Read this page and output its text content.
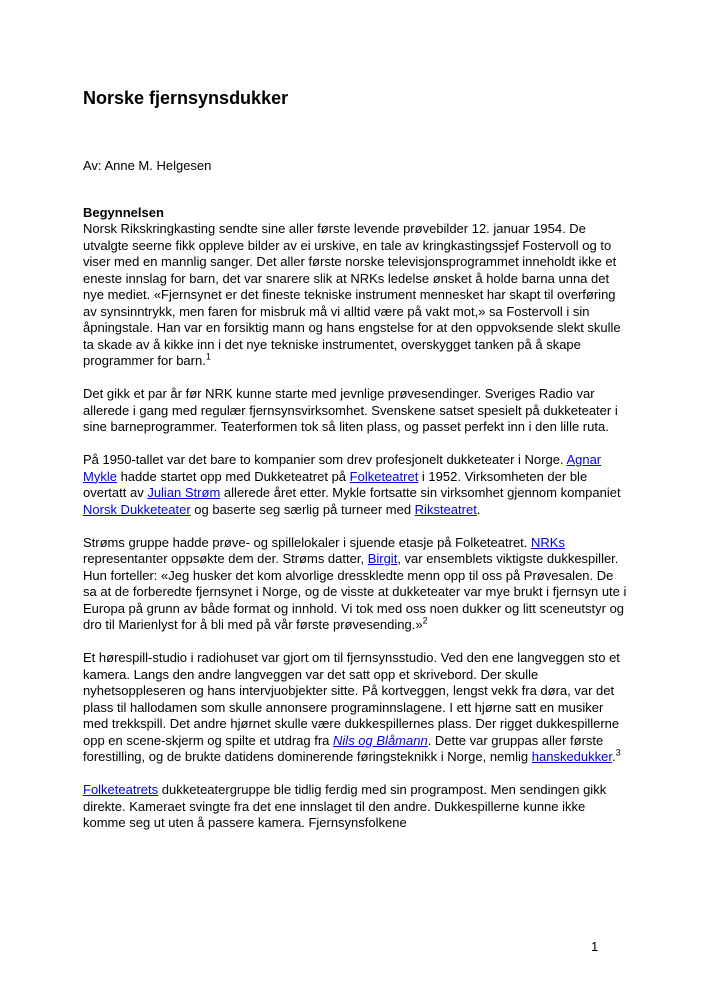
Norske fjernsynsdukker

Av: Anne M. Helgesen

Begynnelsen

Norsk Rikskringkasting sendte sine aller første levende prøvebilder 12. januar 1954. De utvalgte seerne fikk oppleve bilder av ei urskive, en tale av kringkastingssjef Fostervoll og to viser med en mannlig sanger. Det aller første norske televisjonsprogrammet inneholdt ikke et eneste innslag for barn, det var snarere slik at NRKs ledelse ønsket å holde barna unna det nye mediet. «Fjernsynet er det fineste tekniske instrument mennesket har skapt til overføring av synsinntrykk, men faren for misbruk må vi alltid være på vakt mot,» sa Fostervoll i sin åpningstale. Han var en forsiktig mann og hans engstelse for at den oppvoksende slekt skulle ta skade av å kikke inn i det nye tekniske instrumentet, overskygget tanken på å skape programmer for barn.$^1$

Det gikk et par år før NRK kunne starte med jevnlige prøvesendinger. Sveriges Radio var allerede i gang med regulær fjernsynsvirksomhet. Svenskene satset spesielt på dukketeater i sine barneprogrammer. Teaterformen tok så liten plass, og passet perfekt inn i den lille ruta.

På 1950-tallet var det bare to kompanier som drev profesjonelt dukketeater i Norge. Agnar Mykle hadde startet opp med Dukketeatret på Folketeatret i 1952. Virksomheten der ble overtatt av Julian Strøm allerede året etter. Mykle fortsatte sin virksomhet gjennom kompaniet Norsk Dukketeater og baserte seg særlig på turneer med Riksteatret.

Strøms gruppe hadde prøve- og spillelokaler i sjuende etasje på Folketeatret. NRKs representanter oppsøkte dem der. Strøms datter, Birgit, var ensemblets viktigste dukkespiller. Hun forteller: «Jeg husker det kom alvorlige dresskledte menn opp til oss på Prøvesalen. De sa at de forberedte fjernsynet i Norge, og de visste at dukketeater var mye brukt i fjernsyn ute i Europa på grunn av både format og innhold. Vi tok med oss noen dukker og litt sceneutstyr og dro til Marienlyst for å bli med på vår første prøvesending.»$^2$

Et hørespill-studio i radiohuset var gjort om til fjernsynsstudio. Ved den ene langveggen sto et kamera. Langs den andre langveggen var det satt opp et skrivebord. Der skulle nyhetsoppleseren og hans intervjuobjekter sitte. På kortveggen, lengst vekk fra døra, var det plass til hallodamen som skulle annonsere programinnslagene. I ett hjørne satt en musiker med trekkspill. Det andre hjørnet skulle være dukkespillernes plass. Der rigget dukkespillerne opp en scene-skjerm og spilte et utdrag fra Nils og Blåmann. Dette var gruppas aller første forestilling, og de brukte datidens dominerende føringsteknikk i Norge, nemlig hanskedukker.$^3$

Folketeatrets dukketeatergruppe ble tidlig ferdig med sin programpost. Men sendingen gikk direkte. Kameraet svingte fra det ene innslaget til den andre. Dukkespillerne kunne ikke komme seg ut uten å passere kamera. Fjernsynsfolkene

1
